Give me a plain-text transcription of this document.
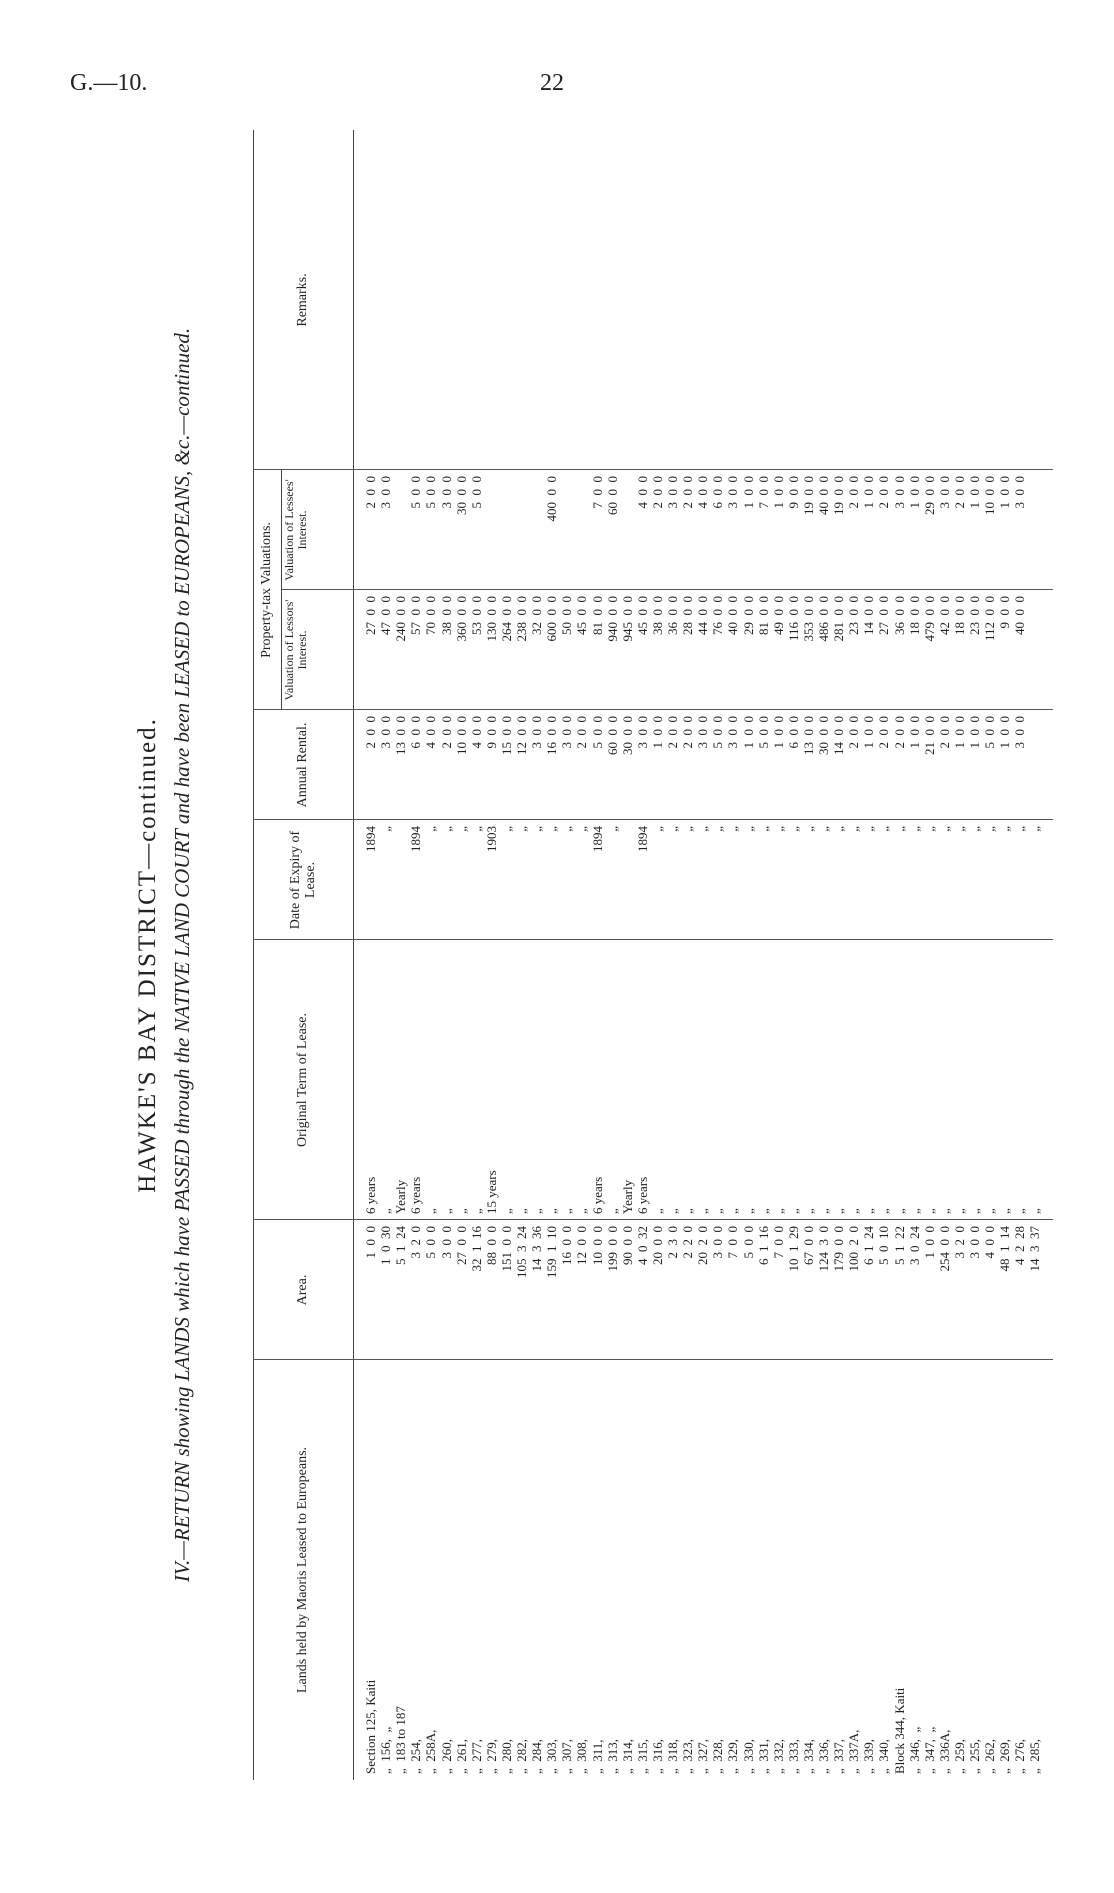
G.—10.	22
HAWKE'S BAY DISTRICT—continued. IV.—RETURN showing LANDS which have PASSED through the NATIVE LAND COURT and have been LEASED to EUROPEANS, &c.—continued.	Lands held by Maoris Leased to Europeans.
Area.
Original Term of Lease.
Date of Expiry of Lease.
Annual Rental.
Property-tax Valuations. Valuation of Lessors' Interest.
Valuation of Lessees' Interest.
Remarks.
Section 125, Kaiti
1  0  0
6 years
1894
2  0  0
27  0  0
2  0  0
„  156,  „
1  0  30
„
„
3  0  0
47  0  0
3  0  0
„  183 to 187
5  1  24
Yearly
13  0  0
240  0  0
„  254,
3  2  0
6 years
1894
6  0  0
57  0  0
5  0  0
„  258A,
5  0  0
„
„
4  0  0
70  0  0
5  0  0
„  260,
3  0  0
„
„
2  0  0
38  0  0
3  0  0
„  261,
27  0  0
„
„
10  0  0
360  0  0
30  0  0
„  277,
32  1  16
„
„
4  0  0
53  0  0
5  0  0
„  279,
88  0  0
15 years
1903
9  0  0
130  0  0
„  280,
151  0  0
„
„
15  0  0
264  0  0
„  282,
105  3  24
„
„
12  0  0
238  0  0
„  284,
14  3  36
„
„
3  0  0
32  0  0
„  303,
159  1  10
„
„
16  0  0
600  0  0
400  0  0
„  307,
16  0  0
„
„
3  0  0
50  0  0
„  308,
12  0  0
„
„
2  0  0
45  0  0
„  311,
10  0  0
6 years
1894
5  0  0
81  0  0
7  0  0
„  313,
199  0  0
„
„
60  0  0
940  0  0
60  0  0
„  314,
90  0  0
Yearly
30  0  0
945  0  0
„  315,
4  0  32
6 years
1894
3  0  0
45  0  0
4  0  0
„  316,
20  0  0
„
„
1  0  0
38  0  0
2  0  0
„  318,
2  3  0
„
„
2  0  0
36  0  0
3  0  0
„  323,
2  2  0
„
„
2  0  0
28  0  0
2  0  0
„  327,
20  2  0
„
„
3  0  0
44  0  0
4  0  0
„  328,
3  0  0
„
„
5  0  0
76  0  0
6  0  0
„  329,
7  0  0
„
„
3  0  0
40  0  0
3  0  0
„  330,
5  0  0
„
„
1  0  0
29  0  0
1  0  0
„  331,
6  1  16
„
„
5  0  0
81  0  0
7  0  0
„  332,
7  0  0
„
„
1  0  0
49  0  0
1  0  0
„  333,
10  1  29
„
„
6  0  0
116  0  0
9  0  0
„  334,
67  0  0
„
„
13  0  0
353  0  0
19  0  0
„  336,
124  3  0
„
„
30  0  0
486  0  0
40  0  0
„  337,
179  0  0
„
„
14  0  0
281  0  0
19  0  0
„  337A,
100  2  0
„
„
2  0  0
23  0  0
2  0  0
„  339,
6  1  24
„
„
1  0  0
14  0  0
1  0  0
„  340,
5  0  10
„
„
2  0  0
27  0  0
2  0  0
Block 344, Kaiti
5  1  22
„
„
2  0  0
36  0  0
3  0  0
„  346,  „
3  0  24
„
„
1  0  0
18  0  0
1  0  0
„  347,  „
1  0  0
„
„
21  0  0
479  0  0
29  0  0
„  336A,
254  0  0
„
„
2  0  0
42  0  0
3  0  0
„  259,
3  2  0
„
„
1  0  0
18  0  0
2  0  0
„  255,
3  0  0
„
„
1  0  0
23  0  0
1  0  0
„  262,
4  0  0
„
„
5  0  0
112  0  0
10  0  0
„  269,
48  1  14
„
„
1  0  0
9  0  0
1  0  0
„  276,
4  2  28
„
„
3  0  0
40  0  0
3  0  0
„  285,
14  3  37
„
„
